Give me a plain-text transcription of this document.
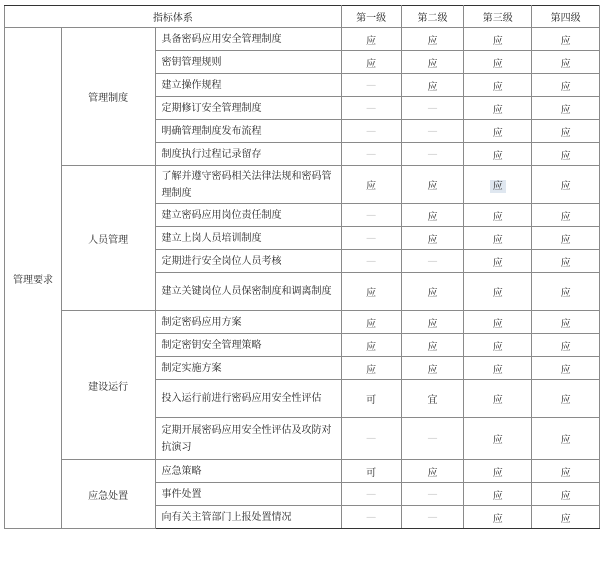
指标体系			第一级	第二级	第三级	第四级
管理要求	管理制度	具备密码应用安全管理制度	应	应	应	应
		密钥管理规则	应	应	应	应
		建立操作规程	—	应	应	应
		定期修订安全管理制度	—	—	应	应
		明确管理制度发布流程	—	—	应	应
		制度执行过程记录留存	—	—	应	应
	人员管理	了解并遵守密码相关法律法规和密码管理制度	应	应	应	应
		建立密码应用岗位责任制度	—	应	应	应
		建立上岗人员培训制度	—	应	应	应
		定期进行安全岗位人员考核	—	—	应	应
		建立关键岗位人员保密制度和调离制度	应	应	应	应
	建设运行	制定密码应用方案	应	应	应	应
		制定密钥安全管理策略	应	应	应	应
		制定实施方案	应	应	应	应
		投入运行前进行密码应用安全性评估	可	宜	应	应
		定期开展密码应用安全性评估及攻防对抗演习	—	—	应	应
	应急处置	应急策略	可	应	应	应
		事件处置	—	—	应	应
		向有关主管部门上报处置情况	—	—	应	应
